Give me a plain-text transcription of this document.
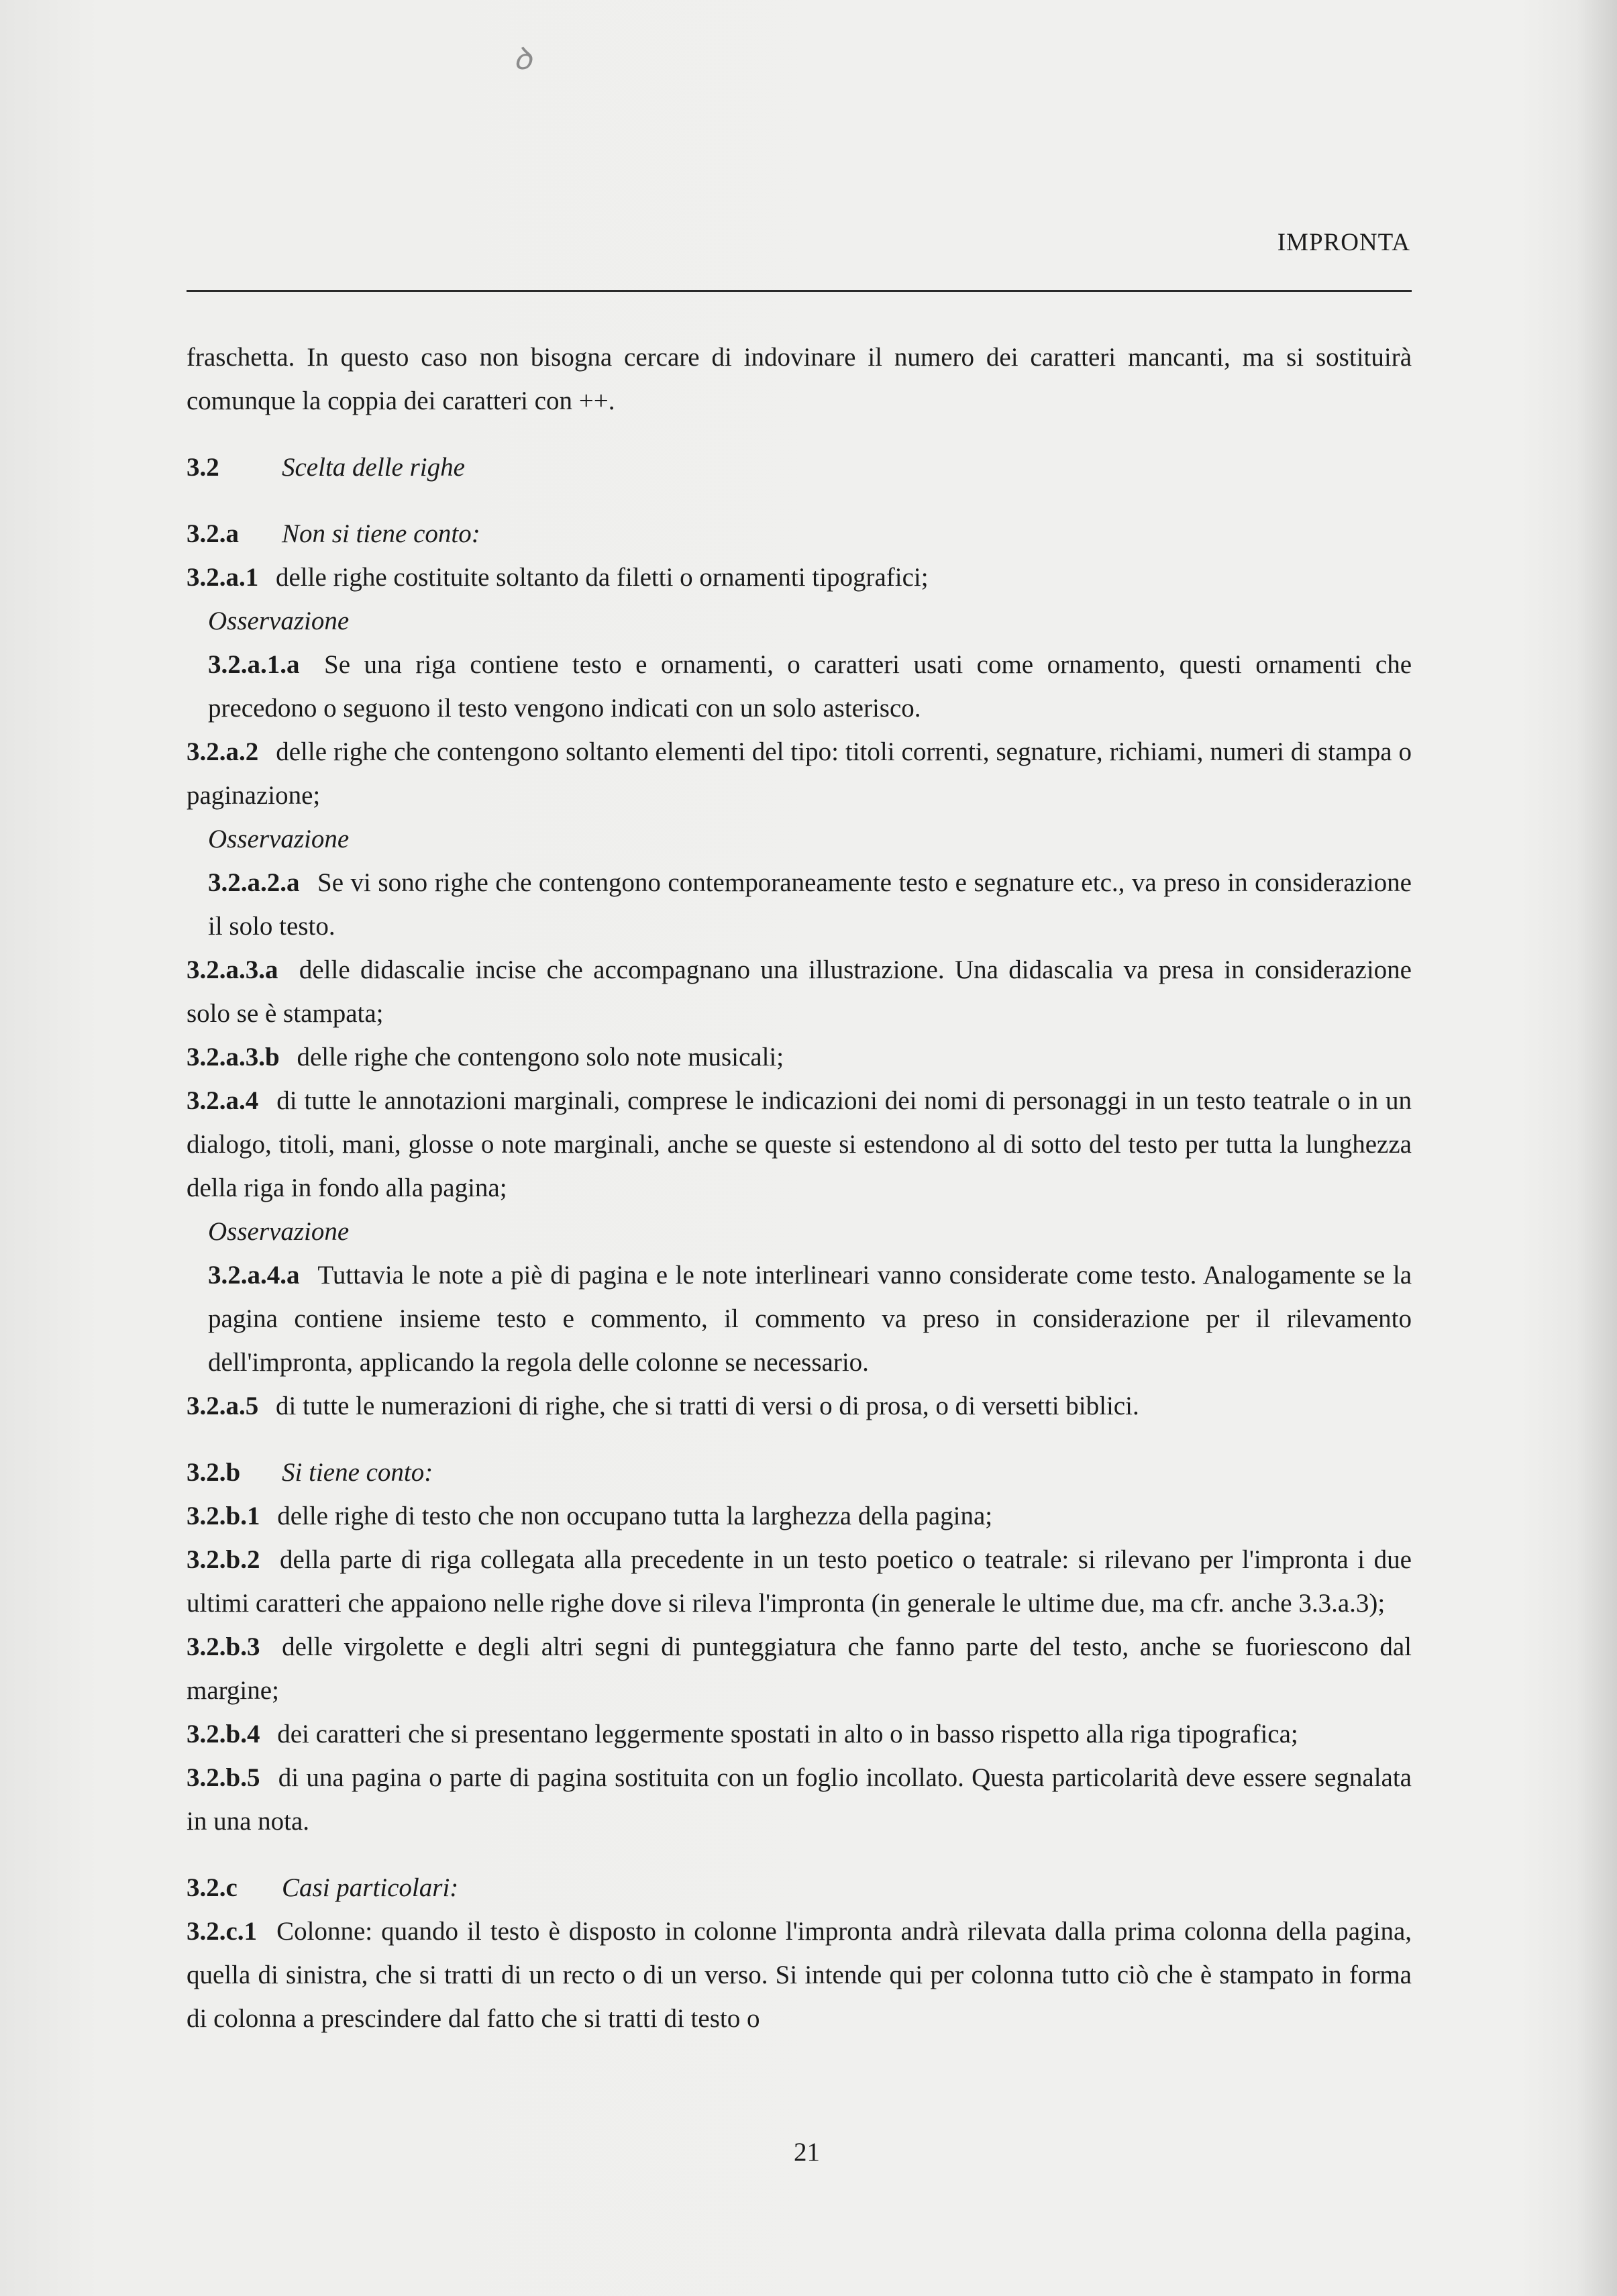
ꝺ
IMPRONTA

fraschetta. In questo caso non bisogna cercare di indovinare il numero dei caratteri mancanti, ma si sostituirà comunque la coppia dei caratteri con ++.

3.2 Scelta delle righe

3.2.a Non si tiene conto:

3.2.a.1 delle righe costituite soltanto da filetti o ornamenti tipografici;

Osservazione

3.2.a.1.a Se una riga contiene testo e ornamenti, o caratteri usati come ornamento, questi ornamenti che precedono o seguono il testo vengono indicati con un solo asterisco.

3.2.a.2 delle righe che contengono soltanto elementi del tipo: titoli correnti, segnature, richiami, numeri di stampa o paginazione;

Osservazione

3.2.a.2.a Se vi sono righe che contengono contemporaneamente testo e segnature etc., va preso in considerazione il solo testo.

3.2.a.3.a delle didascalie incise che accompagnano una illustrazione. Una didascalia va presa in considerazione solo se è stampata;

3.2.a.3.b delle righe che contengono solo note musicali;

3.2.a.4 di tutte le annotazioni marginali, comprese le indicazioni dei nomi di personaggi in un testo teatrale o in un dialogo, titoli, mani, glosse o note marginali, anche se queste si estendono al di sotto del testo per tutta la lunghezza della riga in fondo alla pagina;

Osservazione

3.2.a.4.a Tuttavia le note a piè di pagina e le note interlineari vanno considerate come testo. Analogamente se la pagina contiene insieme testo e commento, il commento va preso in considerazione per il rilevamento dell'impronta, applicando la regola delle colonne se necessario.

3.2.a.5 di tutte le numerazioni di righe, che si tratti di versi o di prosa, o di versetti biblici.

3.2.b Si tiene conto:

3.2.b.1 delle righe di testo che non occupano tutta la larghezza della pagina;

3.2.b.2 della parte di riga collegata alla precedente in un testo poetico o teatrale: si rilevano per l'impronta i due ultimi caratteri che appaiono nelle righe dove si rileva l'impronta (in generale le ultime due, ma cfr. anche 3.3.a.3);

3.2.b.3 delle virgolette e degli altri segni di punteggiatura che fanno parte del testo, anche se fuoriescono dal margine;

3.2.b.4 dei caratteri che si presentano leggermente spostati in alto o in basso rispetto alla riga tipografica;

3.2.b.5 di una pagina o parte di pagina sostituita con un foglio incollato. Questa particolarità deve essere segnalata in una nota.

3.2.c Casi particolari:

3.2.c.1 Colonne: quando il testo è disposto in colonne l'impronta andrà rilevata dalla prima colonna della pagina, quella di sinistra, che si tratti di un recto o di un verso. Si intende qui per colonna tutto ciò che è stampato in forma di colonna a prescindere dal fatto che si tratti di testo o

21
